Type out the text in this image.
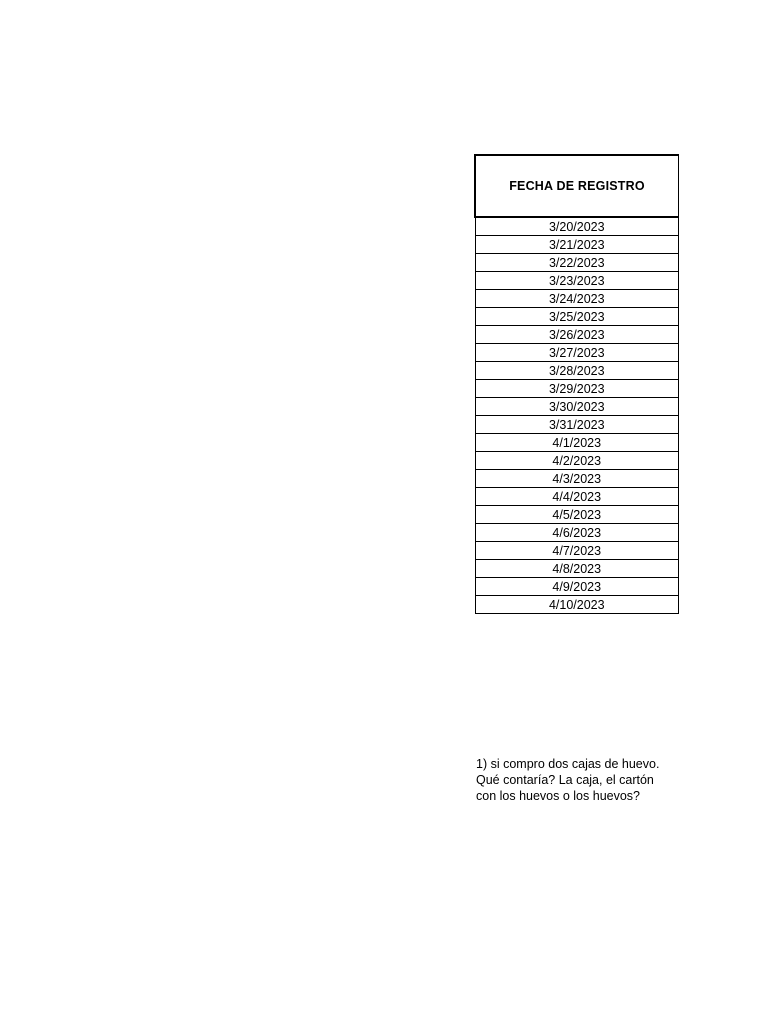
FECHA DE REGISTRO
3/20/2023
3/21/2023
3/22/2023
3/23/2023
3/24/2023
3/25/2023
3/26/2023
3/27/2023
3/28/2023
3/29/2023
3/30/2023
3/31/2023
4/1/2023
4/2/2023
4/3/2023
4/4/2023
4/5/2023
4/6/2023
4/7/2023
4/8/2023
4/9/2023
4/10/2023
1) si compro dos cajas de huevo.
Qué contaría? La caja, el cartón
con los huevos o los huevos?
